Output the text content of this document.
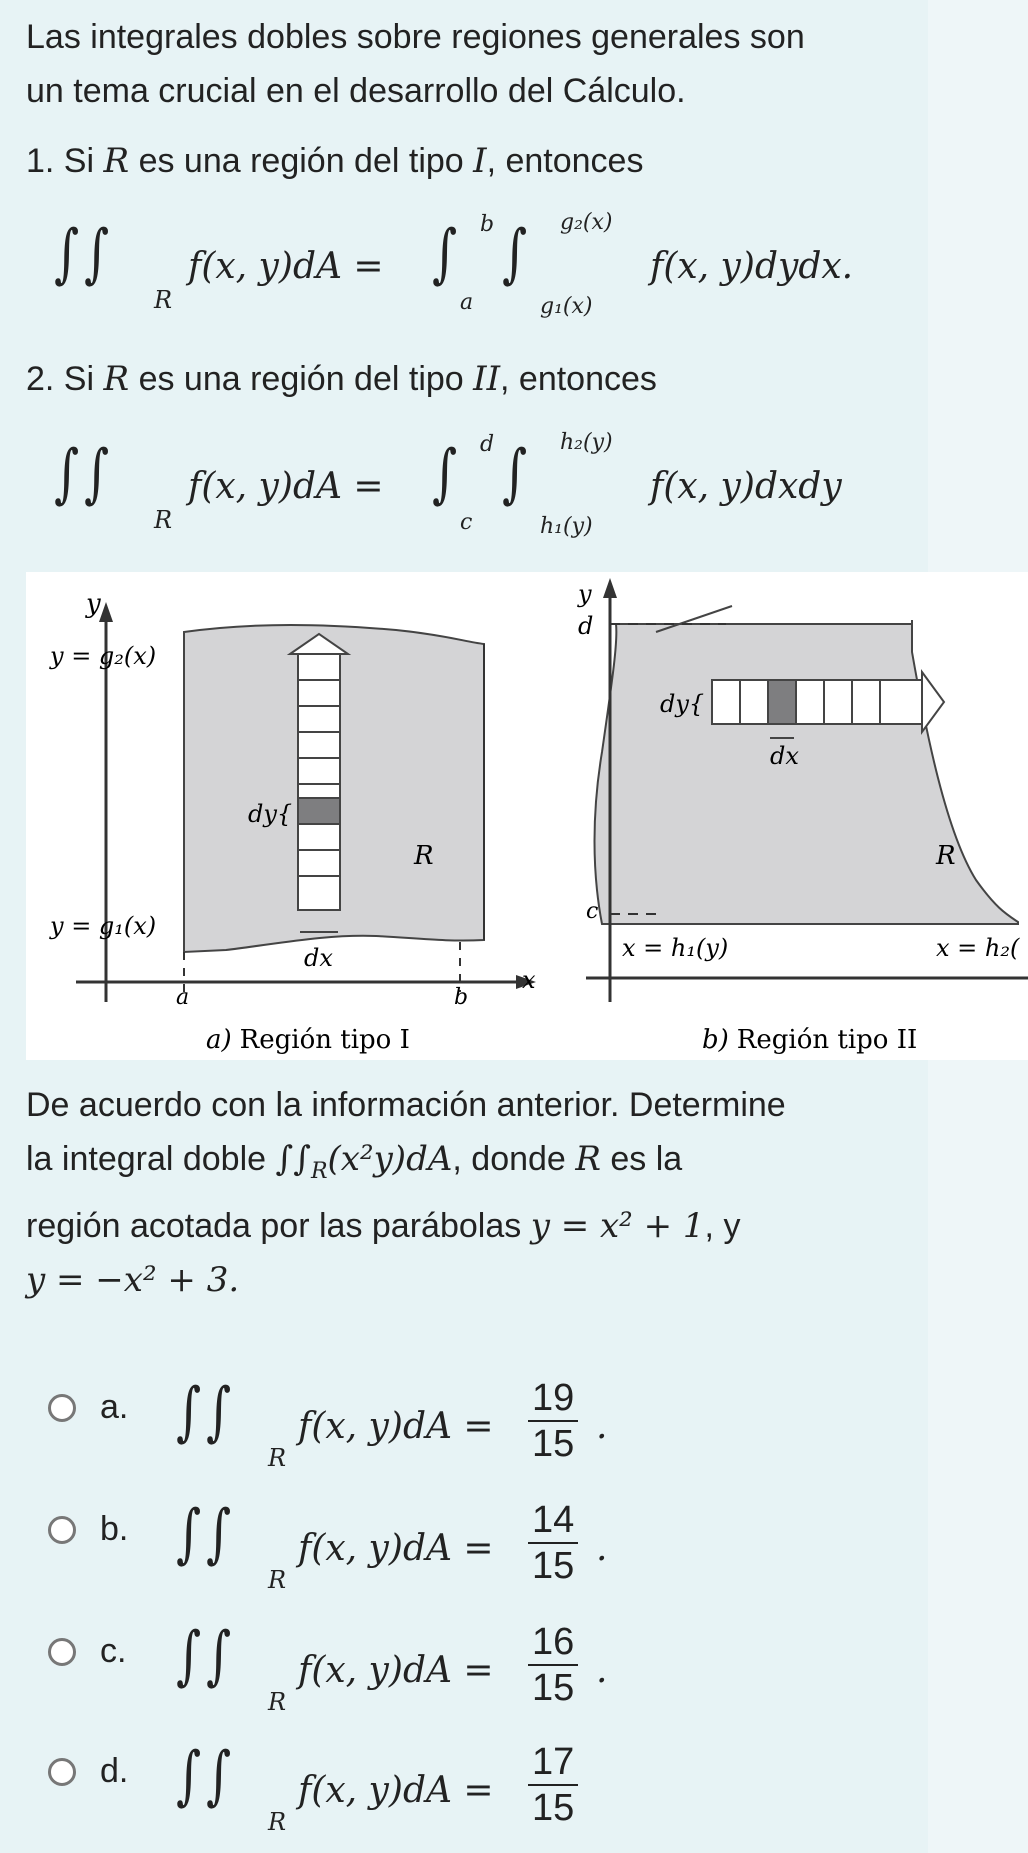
Las integrales dobles sobre regiones generales son
un tema crucial en el desarrollo del Cálculo.
1. Si R es una región del tipo I, entonces
∫ ∫
R
f(x, y)dA = ∫ b
a
∫ g₂(x)
g₁(x)
f(x, y)dydx.
2. Si R es una región del tipo II, entonces
∫ ∫
R
f(x, y)dA = ∫ d
c
∫ h₂(y)
h₁(y)
f(x, y)dxdy
y
y = g₂(x)
y = g₁(x)
dy{
dx
R
a	b
x
a) Región tipo I
y
d
c
dy{
dx
R
x = h₁(y)	x = h₂(
b) Región tipo II
De acuerdo con la información anterior. Determine
la integral doble $\int\int_R(x^2y)dA$, donde R es la
región acotada por las parábolas y = x² + 1, y
y = −x² + 3.
a. ∫ ∫
R
f(x, y)dA =
19
15 .
b. ∫ ∫
R
f(x, y)dA =
14
15 .
c. ∫ ∫
R
f(x, y)dA =
16
15 .
d. ∫ ∫
R
f(x, y)dA =
17
15
